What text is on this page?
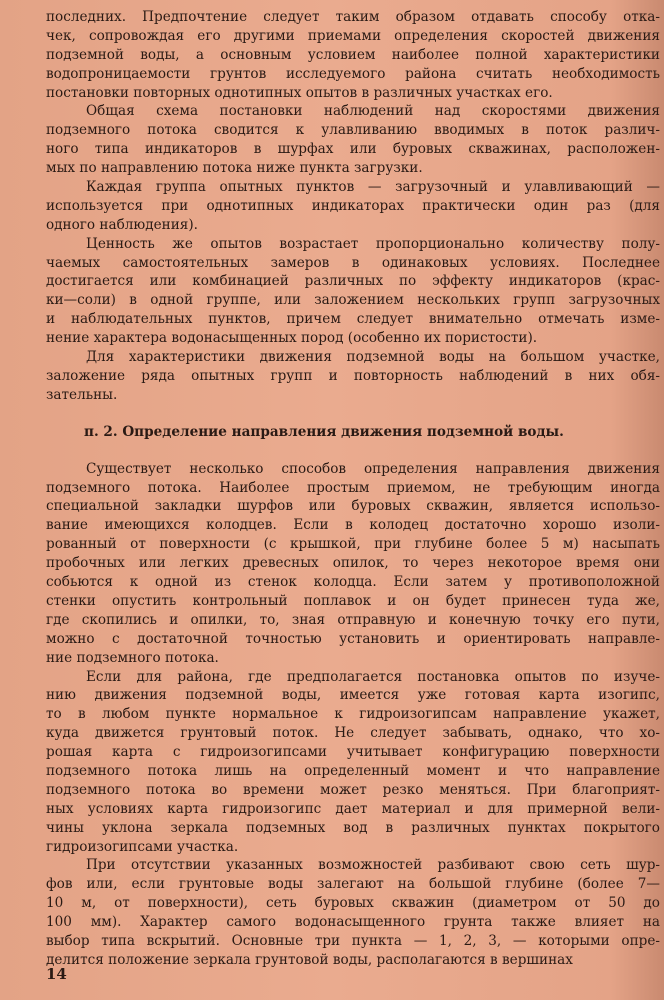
последних. Предпочтение следует таким образом отдавать способу отка-
чек, сопровождая его другими приемами определения скоростей движения
подземной воды, а основным условием наиболее полной характеристики
водопроницаемости грунтов исследуемого района считать необходимость
постановки повторных однотипных опытов в различных участках его.
Общая схема постановки наблюдений над скоростями движения
подземного потока сводится к улавливанию вводимых в поток различ-
ного типа индикаторов в шурфах или буровых скважинах, расположен-
мых по направлению потока ниже пункта загрузки.
Каждая группа опытных пунктов — загрузочный и улавливающий —
используется при однотипных индикаторах практически один раз (для
одного наблюдения).
Ценность же опытов возрастает пропорционально количеству полу-
чаемых самостоятельных замеров в одинаковых условиях. Последнее
достигается или комбинацией различных по эффекту индикаторов (крас-
ки—соли) в одной группе, или заложением нескольких групп загрузочных
и наблюдательных пунктов, причем следует внимательно отмечать изме-
нение характера водонасыщенных пород (особенно их пористости).
Для характеристики движения подземной воды на большом участке,
заложение ряда опытных групп и повторность наблюдений в них обя-
зательны.
п. 2. Определение направления движения подземной воды.
Существует несколько способов определения направления движения
подземного потока. Наиболее простым приемом, не требующим иногда
специальной закладки шурфов или буровых скважин, является использо-
вание имеющихся колодцев. Если в колодец достаточно хорошо изоли-
рованный от поверхности (с крышкой, при глубине более 5 м) насыпать
пробочных или легких древесных опилок, то через некоторое время они
собьются к одной из стенок колодца. Если затем у противоположной
стенки опустить контрольный поплавок и он будет принесен туда же,
где скопились и опилки, то, зная отправную и конечную точку его пути,
можно с достаточной точностью установить и ориентировать направле-
ние подземного потока.
Если для района, где предполагается постановка опытов по изуче-
нию движения подземной воды, имеется уже готовая карта изогипс,
то в любом пункте нормальное к гидроизогипсам направление укажет,
куда движется грунтовый поток. Не следует забывать, однако, что хо-
рошая карта с гидроизогипсами учитывает конфигурацию поверхности
подземного потока лишь на определенный момент и что направление
подземного потока во времени может резко меняться. При благоприят-
ных условиях карта гидроизогипс дает материал и для примерной вели-
чины уклона зеркала подземных вод в различных пунктах покрытого
гидроизогипсами участка.
При отсутствии указанных возможностей разбивают свою сеть шур-
фов или, если грунтовые воды залегают на большой глубине (более 7—
10 м, от поверхности), сеть буровых скважин (диаметром от 50 до
100 мм). Характер самого водонасыщенного грунта также влияет на
выбор типа вскрытий. Основные три пункта — 1, 2, 3, — которыми опре-
делится положение зеркала грунтовой воды, располагаются в вершинах
14
